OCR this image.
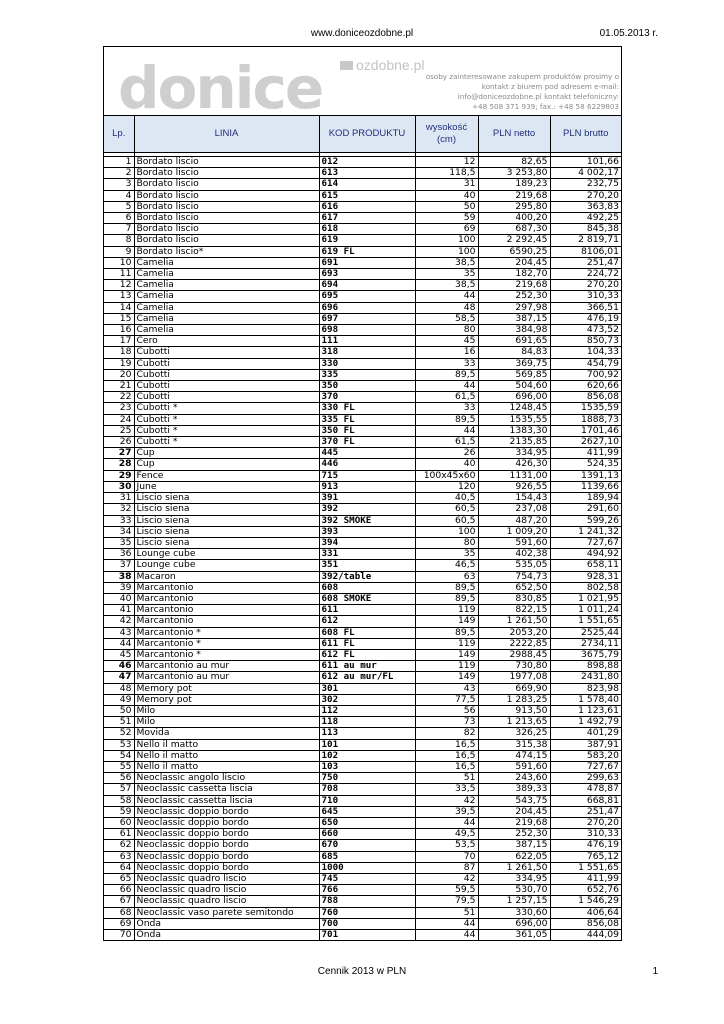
www.doniceozdobne.pl	01.05.2013 r.
ozdobne.pl
donice	osoby zainteresowane zakupem produktów prosimy o
kontakt z biurem pod adresem e-mail:
info@doniceozdobne.pl kontakt telefoniczny:
+48 508 371 939; fax.: +48 58 6229803
Lp.	LINIA	KOD PRODUKTU	wysokość (cm)	PLN netto	PLN brutto

1	Bordato liscio	012	12	82,65	101,66
2	Bordato liscio	613	118,5	3 253,80	4 002,17
3	Bordato liscio	614	31	189,23	232,75
4	Bordato liscio	615	40	219,68	270,20
5	Bordato liscio	616	50	295,80	363,83
6	Bordato liscio	617	59	400,20	492,25
7	Bordato liscio	618	69	687,30	845,38
8	Bordato liscio	619	100	2 292,45	2 819,71
9	Bordato liscio*	619 FL	100	6590,25	8106,01
10	Camelia	691	38,5	204,45	251,47
11	Camelia	693	35	182,70	224,72
12	Camelia	694	38,5	219,68	270,20
13	Camelia	695	44	252,30	310,33
14	Camelia	696	48	297,98	366,51
15	Camelia	697	58,5	387,15	476,19
16	Camelia	698	80	384,98	473,52
17	Cero	111	45	691,65	850,73
18	Cubotti	318	16	84,83	104,33
19	Cubotti	330	33	369,75	454,79
20	Cubotti	335	89,5	569,85	700,92
21	Cubotti	350	44	504,60	620,66
22	Cubotti	370	61,5	696,00	856,08
23	Cubotti *	330 FL	33	1248,45	1535,59
24	Cubotti *	335 FL	89,5	1535,55	1888,73
25	Cubotti *	350 FL	44	1383,30	1701,46
26	Cubotti *	370 FL	61,5	2135,85	2627,10
27	Cup	445	26	334,95	411,99
28	Cup	446	40	426,30	524,35
29	Fence	715	100x45x60	1131,00	1391,13
30	June	913	120	926,55	1139,66
31	Liscio siena	391	40,5	154,43	189,94
32	Liscio siena	392	60,5	237,08	291,60
33	Liscio siena	392 SMOKE	60,5	487,20	599,26
34	Liscio siena	393	100	1 009,20	1 241,32
35	Liscio siena	394	80	591,60	727,67
36	Lounge cube	331	35	402,38	494,92
37	Lounge cube	351	46,5	535,05	658,11
38	Macaron	392/table	63	754,73	928,31
39	Marcantonio	608	89,5	652,50	802,58
40	Marcantonio	608 SMOKE	89,5	830,85	1 021,95
41	Marcantonio	611	119	822,15	1 011,24
42	Marcantonio	612	149	1 261,50	1 551,65
43	Marcantonio *	608 FL	89,5	2053,20	2525,44
44	Marcantonio *	611 FL	119	2222,85	2734,11
45	Marcantonio *	612 FL	149	2988,45	3675,79
46	Marcantonio au mur	611 au mur	119	730,80	898,88
47	Marcantonio au mur	612 au mur/FL	149	1977,08	2431,80
48	Memory pot	301	43	669,90	823,98
49	Memory pot	302	77,5	1 283,25	1 578,40
50	Milo	112	56	913,50	1 123,61
51	Milo	118	73	1 213,65	1 492,79
52	Movida	113	82	326,25	401,29
53	Nello il matto	101	16,5	315,38	387,91
54	Nello il matto	102	16,5	474,15	583,20
55	Nello il matto	103	16,5	591,60	727,67
56	Neoclassic angolo liscio	750	51	243,60	299,63
57	Neoclassic cassetta liscia	708	33,5	389,33	478,87
58	Neoclassic cassetta liscia	710	42	543,75	668,81
59	Neoclassic doppio bordo	645	39,5	204,45	251,47
60	Neoclassic doppio bordo	650	44	219,68	270,20
61	Neoclassic doppio bordo	660	49,5	252,30	310,33
62	Neoclassic doppio bordo	670	53,5	387,15	476,19
63	Neoclassic doppio bordo	685	70	622,05	765,12
64	Neoclassic doppio bordo	1000	87	1 261,50	1 551,65
65	Neoclassic quadro liscio	745	42	334,95	411,99
66	Neoclassic quadro liscio	766	59,5	530,70	652,76
67	Neoclassic quadro liscio	788	79,5	1 257,15	1 546,29
68	Neoclassic vaso parete semitondo	760	51	330,60	406,64
69	Onda	700	44	696,00	856,08
70	Onda	701	44	361,05	444,09
Cennik 2013 w PLN	1
